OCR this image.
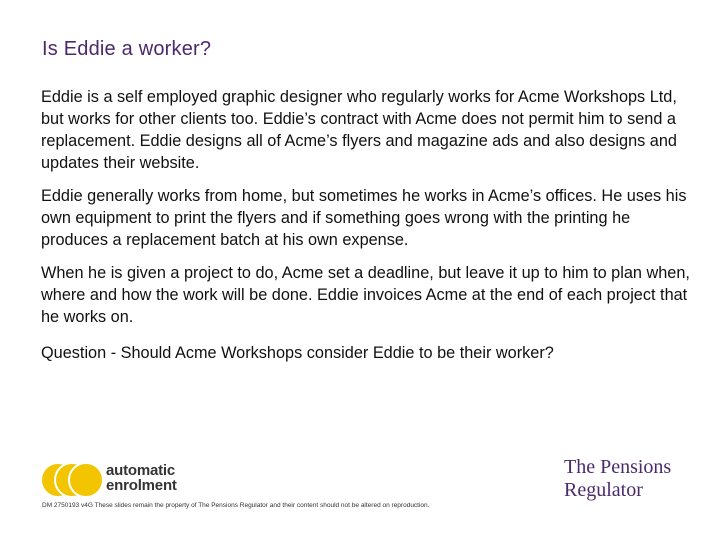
Is Eddie a worker?

Eddie is a self employed graphic designer who regularly works for Acme Workshops Ltd, but works for other clients too. Eddie’s contract with Acme does not permit him to send a replacement. Eddie designs all of Acme’s flyers and magazine ads and also designs and updates their website.

Eddie generally works from home, but sometimes he works in Acme’s offices. He uses his own equipment to print the flyers and if something goes wrong with the printing he produces a replacement batch at his own expense.

When he is given a project to do, Acme set a deadline, but leave it up to him to plan when, where and how the work will be done. Eddie invoices Acme at the end of each project that he works on.

Question - Should Acme Workshops consider Eddie to be their worker?

automatic
enrolment
The Pensions
Regulator
DM 2750193 v4G These slides remain the property of The Pensions Regulator and their content should not be altered on reproduction.
